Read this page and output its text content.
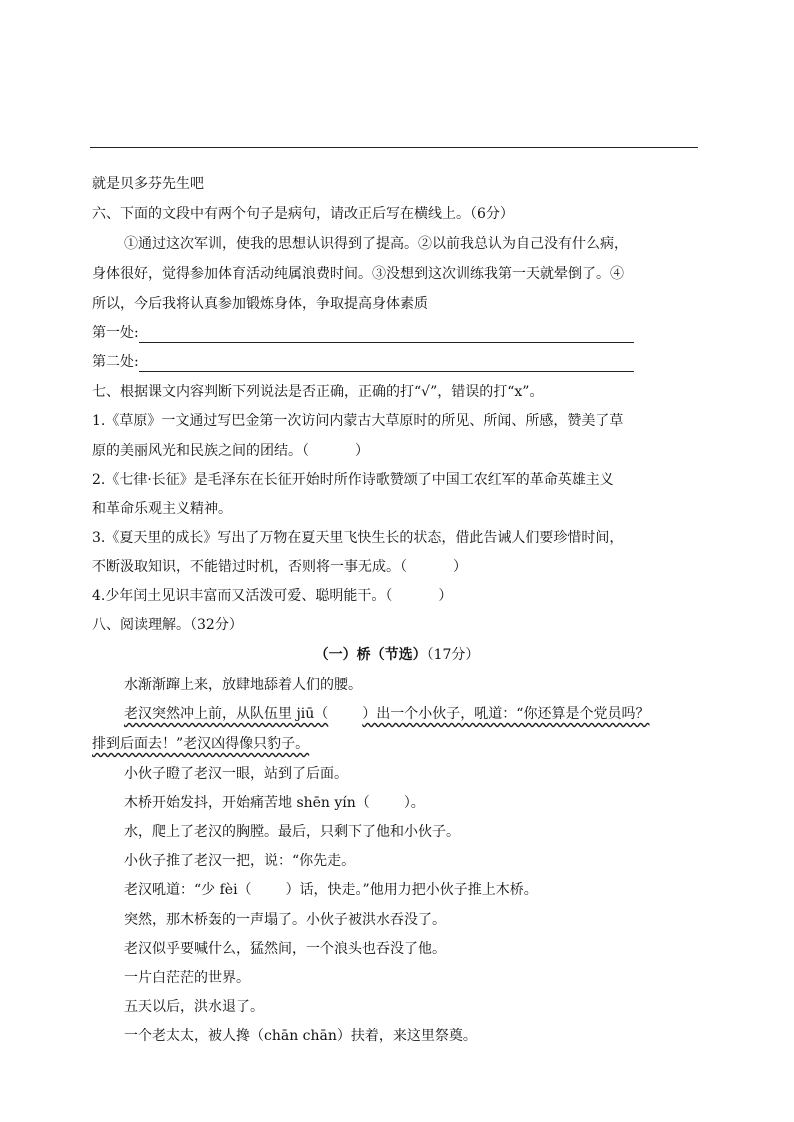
就是贝多芬先生吧
六、下面的文段中有两个句子是病句，请改正后写在横线上。（6分）
①通过这次军训，使我的思想认识得到了提高。②以前我总认为自己没有什么病，
身体很好，觉得参加体育活动纯属浪费时间。③没想到这次训练我第一天就晕倒了。④
所以，今后我将认真参加锻炼身体，争取提高身体素质
第一处:
第二处:
七、根据课文内容判断下列说法是否正确，正确的打“√”，错误的打“x”。
1.《草原》一文通过写巴金第一次访问内蒙古大草原时的所见、所闻、所感，赞美了草
原的美丽风光和民族之间的团结。（	）
2.《七律·长征》是毛泽东在长征开始时所作诗歌赞颂了中国工农红军的革命英雄主义
和革命乐观主义精神。
3.《夏天里的成长》写出了万物在夏天里飞快生长的状态，借此告诫人们要珍惜时间，
不断汲取知识，不能错过时机，否则将一事无成。（	）
4.少年闰土见识丰富而又活泼可爱、聪明能干。（	）
八、阅读理解。（32分）
（一）桥（节选）（17分）
水渐渐蹿上来，放肆地舔着人们的腰。
老汉突然冲上前，从队伍里 jiū（ ）出一个小伙子，吼道：“你还算是个党员吗？
排到后面去！”老汉凶得像只豹子。
小伙子瞪了老汉一眼，站到了后面。
木桥开始发抖，开始痛苦地 shēn yín（ ）。
水，爬上了老汉的胸膛。最后，只剩下了他和小伙子。
小伙子推了老汉一把，说：“你先走。
老汉吼道：“少 fèi（ ）话，快走。”他用力把小伙子推上木桥。
突然，那木桥轰的一声塌了。小伙子被洪水吞没了。
老汉似乎要喊什么，猛然间，一个浪头也吞没了他。
一片白茫茫的世界。
五天以后，洪水退了。
一个老太太，被人搀（chān chān）扶着，来这里祭奠。
